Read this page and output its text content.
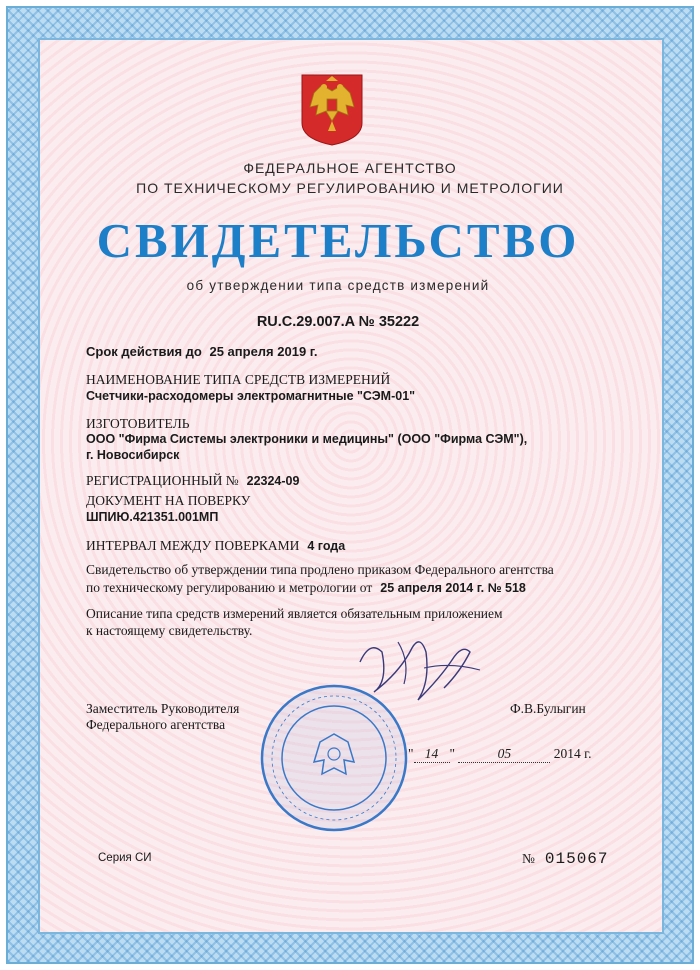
ФЕДЕРАЛЬНОЕ АГЕНТСТВО
ПО ТЕХНИЧЕСКОМУ РЕГУЛИРОВАНИЮ И МЕТРОЛОГИИ
СВИДЕТЕЛЬСТВО
об утверждении типа средств измерений
RU.C.29.007.A № 35222
Срок действия до 25 апреля 2019 г.
НАИМЕНОВАНИЕ ТИПА СРЕДСТВ ИЗМЕРЕНИЙ
Счетчики-расходомеры электромагнитные "СЭМ-01"
ИЗГОТОВИТЕЛЬ
ООО "Фирма Системы электроники и медицины" (ООО "Фирма СЭМ"),
г. Новосибирск
РЕГИСТРАЦИОННЫЙ № 22324-09
ДОКУМЕНТ НА ПОВЕРКУ
ШПИЮ.421351.001МП
ИНТЕРВАЛ МЕЖДУ ПОВЕРКАМИ 4 года
Свидетельство об утверждении типа продлено приказом Федерального агентства
по техническому регулированию и метрологии от 25 апреля 2014 г. № 518
Описание типа средств измерений является обязательным приложением
к настоящему свидетельству.
Заместитель Руководителя
Федерального агентства
Ф.В.Булыгин
" 14 "	05	2014 г.
Серия СИ	№ 015067
